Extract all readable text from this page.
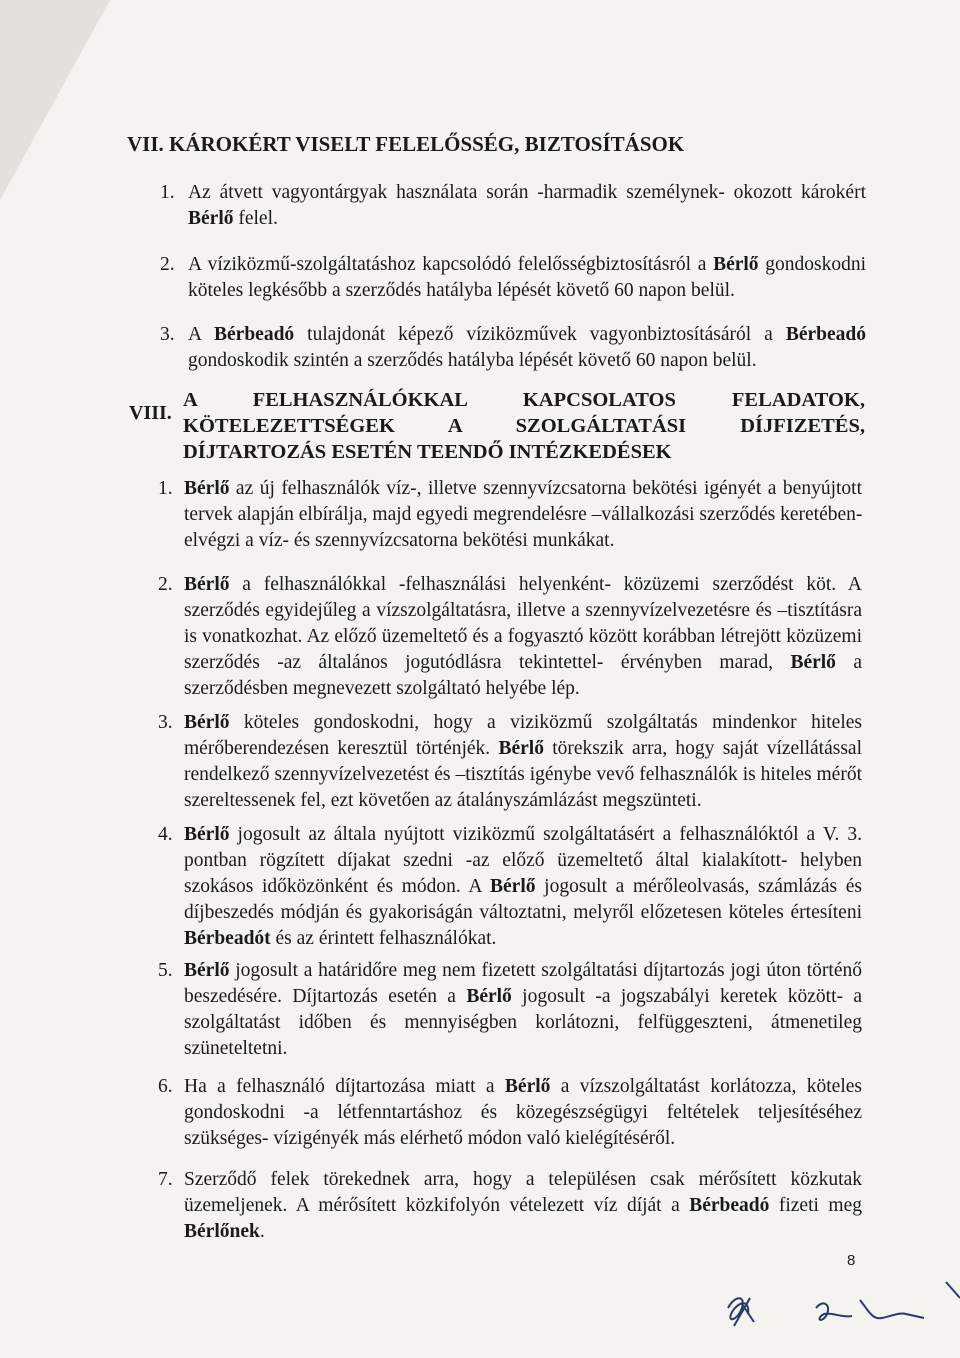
VII. KÁROKÉRT VISELT FELELŐSSÉG, BIZTOSÍTÁSOK
1. Az átvett vagyontárgyak használata során -harmadik személynek- okozott károkért
Bérlő felel.
2. A víziközmű-szolgáltatáshoz kapcsolódó felelősségbiztosításról a Bérlő gondoskodni
köteles legkésőbb a szerződés hatályba lépését követő 60 napon belül.
3. A Bérbeadó tulajdonát képező víziközművek vagyonbiztosításáról a Bérbeadó
gondoskodik szintén a szerződés hatályba lépését követő 60 napon belül.
VIII.
A FELHASZNÁLÓKKAL KAPCSOLATOS FELADATOK,
KÖTELEZETTSÉGEK A SZOLGÁLTATÁSI DÍJFIZETÉS,
DÍJTARTOZÁS ESETÉN TEENDŐ INTÉZKEDÉSEK
1. Bérlő az új felhasználók víz-, illetve szennyvízcsatorna bekötési igényét a benyújtott
tervek alapján elbírálja, majd egyedi megrendelésre –vállalkozási szerződés keretében-
elvégzi a víz- és szennyvízcsatorna bekötési munkákat.
2. Bérlő a felhasználókkal -felhasználási helyenként- közüzemi szerződést köt. A
szerződés egyidejűleg a vízszolgáltatásra, illetve a szennyvízelvezetésre és –tisztításra
is vonatkozhat. Az előző üzemeltető és a fogyasztó között korábban létrejött közüzemi
szerződés -az általános jogutódlásra tekintettel- érvényben marad, Bérlő a
szerződésben megnevezett szolgáltató helyébe lép.
3. Bérlő köteles gondoskodni, hogy a viziközmű szolgáltatás mindenkor hiteles
mérőberendezésen keresztül történjék. Bérlő törekszik arra, hogy saját vízellátással
rendelkező szennyvízelvezetést és –tisztítás igénybe vevő felhasználók is hiteles mérőt
szereltessenek fel, ezt követően az átalányszámlázást megszünteti.
4. Bérlő jogosult az általa nyújtott viziközmű szolgáltatásért a felhasználóktól a V. 3.
pontban rögzített díjakat szedni -az előző üzemeltető által kialakított- helyben
szokásos időközönként és módon. A Bérlő jogosult a mérőleolvasás, számlázás és
díjbeszedés módján és gyakoriságán változtatni, melyről előzetesen köteles értesíteni
Bérbeadót és az érintett felhasználókat.
5. Bérlő jogosult a határidőre meg nem fizetett szolgáltatási díjtartozás jogi úton történő
beszedésére. Díjtartozás esetén a Bérlő jogosult -a jogszabályi keretek között- a
szolgáltatást időben és mennyiségben korlátozni, felfüggeszteni, átmenetileg
szüneteltetni.
6. Ha a felhasználó díjtartozása miatt a Bérlő a vízszolgáltatást korlátozza, köteles
gondoskodni -a létfenntartáshoz és közegészségügyi feltételek teljesítéséhez
szükséges- vízigényék más elérhető módon való kielégítéséről.
7. Szerződő felek törekednek arra, hogy a településen csak mérősített közkutak
üzemeljenek. A mérősített közkifolyón vételezett víz díját a Bérbeadó fizeti meg
Bérlőnek.
8
